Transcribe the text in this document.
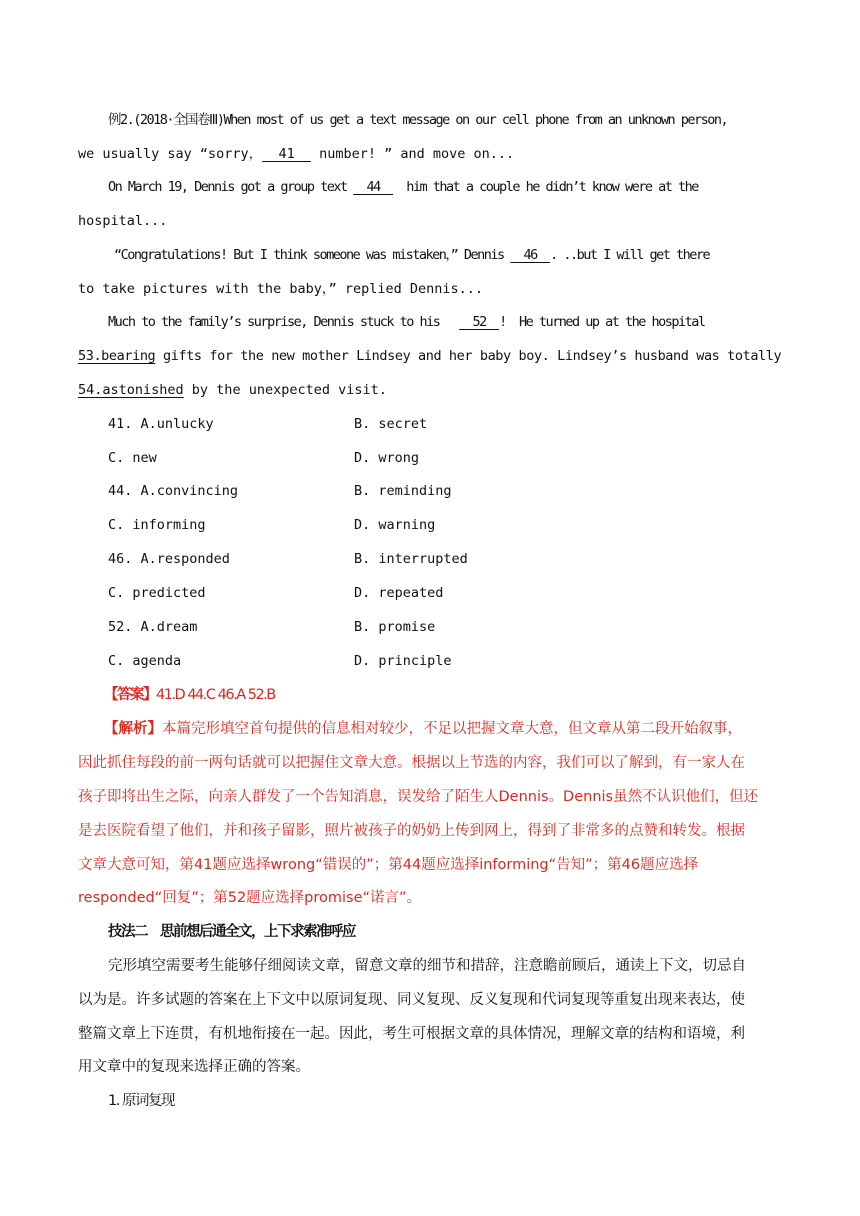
例2.(2018·全国卷Ⅲ)When most of us get a text message on our cell phone from an unknown person,

we usually say “sorry，  41   number! ” and move on...

On March 19, Dennis got a group text   44    him that a couple he didn’t know were at the

hospital...

“Congratulations! But I think someone was mistaken，” Dennis   46  . ..but I will get there

to take pictures with the baby，” replied Dennis...

Much to the family’s surprise, Dennis stuck to his     52  !  He turned up at the hospital

53.bearing gifts for the new mother Lindsey and her baby boy. Lindsey’s husband was totally

54.astonished by the unexpected visit.

41. A.unlucky	B. secret

C. new	D. wrong

44. A.convincing	B. reminding

C. informing	D. warning

46. A.responded	B. interrupted

C. predicted	D. repeated

52. A.dream	B. promise

C. agenda	D. principle

【答案】41.D 44.C 46.A 52.B

【解析】本篇完形填空首句提供的信息相对较少，不足以把握文章大意，但文章从第二段开始叙事，

因此抓住每段的前一两句话就可以把握住文章大意。根据以上节选的内容，我们可以了解到，有一家人在

孩子即将出生之际，向亲人群发了一个告知消息，误发给了陌生人Dennis。Dennis虽然不认识他们，但还

是去医院看望了他们，并和孩子留影，照片被孩子的奶奶上传到网上，得到了非常多的点赞和转发。根据

文章大意可知，第41题应选择wrong“错误的”；第44题应选择informing“告知”；第46题应选择

responded“回复”；第52题应选择promise“诺言”。

技法二　思前想后通全文，上下求索准呼应

完形填空需要考生能够仔细阅读文章，留意文章的细节和措辞，注意瞻前顾后，通读上下文，切忌自

以为是。许多试题的答案在上下文中以原词复现、同义复现、反义复现和代词复现等重复出现来表达，使

整篇文章上下连贯，有机地衔接在一起。因此，考生可根据文章的具体情况，理解文章的结构和语境，利

用文章中的复现来选择正确的答案。

1. 原词复现
